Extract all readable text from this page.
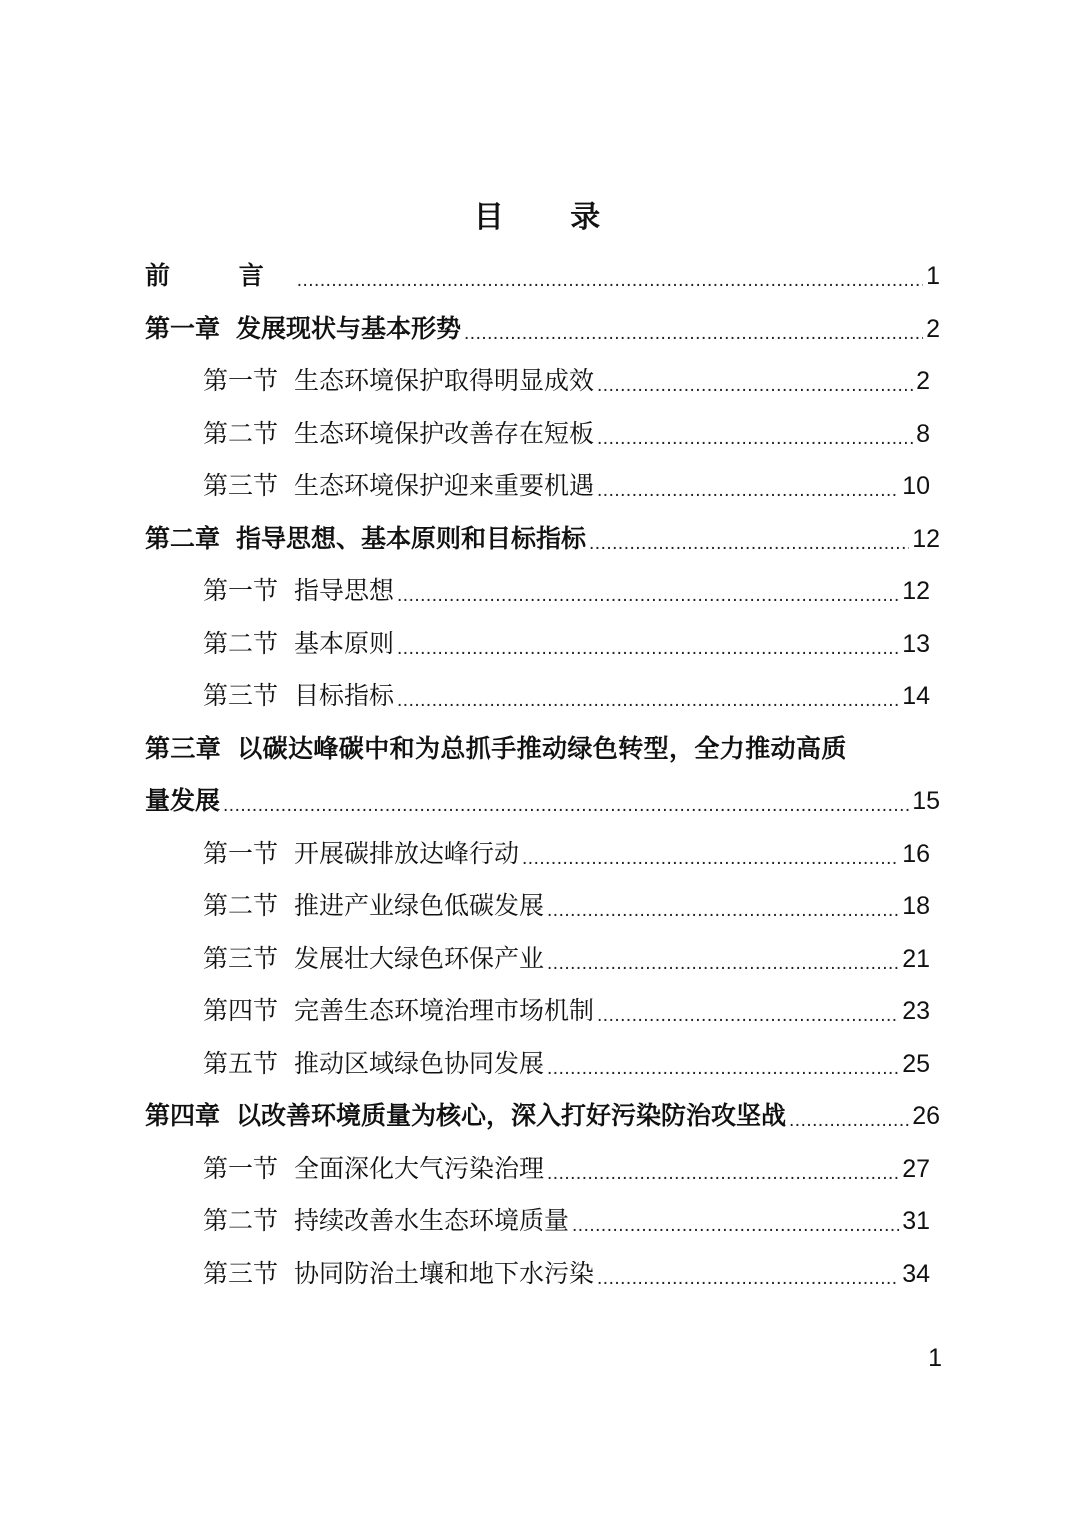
目 录
前 言 .....	1
第一章 发展现状与基本形势 .....	2
第一节 生态环境保护取得明显成效 .....	2
第二节 生态环境保护改善存在短板 .....	8
第三节 生态环境保护迎来重要机遇 .....	10
第二章 指导思想、基本原则和目标指标 .....	12
第一节 指导思想 .....	12
第二节 基本原则 .....	13
第三节 目标指标 .....	14
第三章 以碳达峰碳中和为总抓手推动绿色转型，全力推动高质
量发展 .....	15
第一节 开展碳排放达峰行动 .....	16
第二节 推进产业绿色低碳发展 .....	18
第三节 发展壮大绿色环保产业 .....	21
第四节 完善生态环境治理市场机制 .....	23
第五节 推动区域绿色协同发展 .....	25
第四章 以改善环境质量为核心，深入打好污染防治攻坚战 .....	26
第一节 全面深化大气污染治理 .....	27
第二节 持续改善水生态环境质量 .....	31
第三节 协同防治土壤和地下水污染 .....	34
1
